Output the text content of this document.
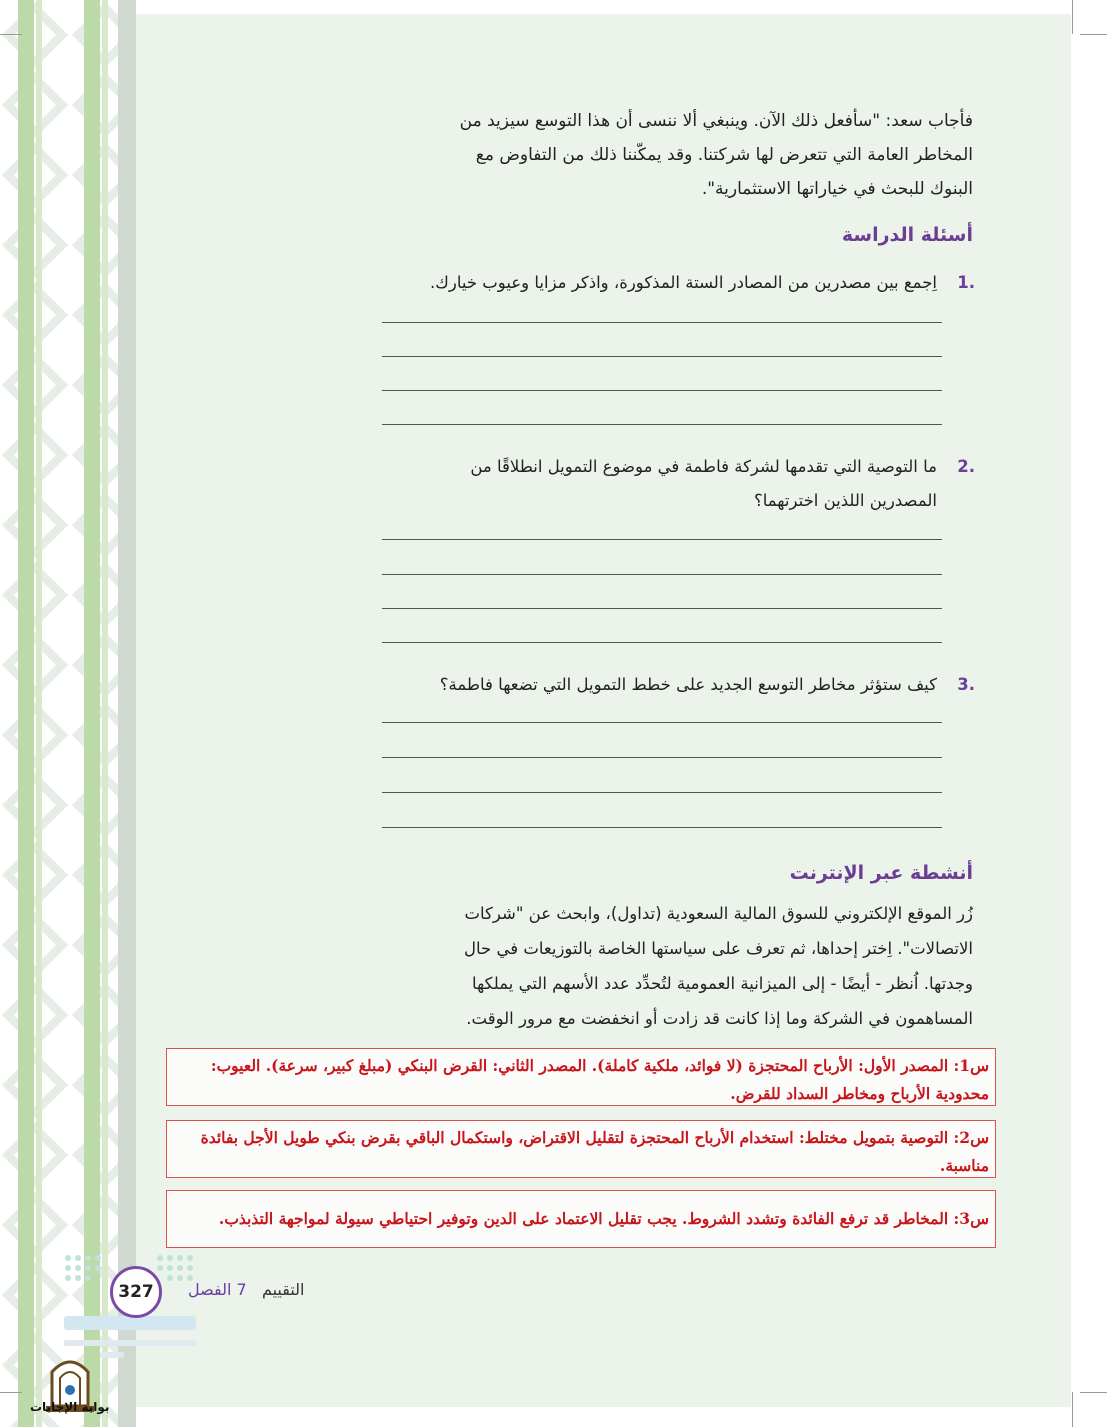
فأجاب سعد: "سأفعل ذلك الآن. وينبغي ألا ننسى أن هذا التوسع سيزيد من
المخاطر العامة التي تتعرض لها شركتنا. وقد يمكّننا ذلك من التفاوض مع
البنوك للبحث في خياراتها الاستثمارية".
أسئلة الدراسة
.1
اِجمع بين مصدرين من المصادر الستة المذكورة، واذكر مزايا وعيوب خيارك.
.2
ما التوصية التي تقدمها لشركة فاطمة في موضوع التمويل انطلاقًا من
المصدرين اللذين اخترتهما؟
.3
كيف ستؤثر مخاطر التوسع الجديد على خطط التمويل التي تضعها فاطمة؟
أنشطة عبر الإنترنت
زُر الموقع الإلكتروني للسوق المالية السعودية (تداول)، وابحث عن "شركات
الاتصالات". اِختر إحداها، ثم تعرف على سياستها الخاصة بالتوزيعات في حال
وجدتها. اُنظر - أيضًا - إلى الميزانية العمومية لتُحدِّد عدد الأسهم التي يملكها
المساهمون في الشركة وما إذا كانت قد زادت أو انخفضت مع مرور الوقت.
س1: المصدر الأول: الأرباح المحتجزة (لا فوائد، ملكية كاملة). المصدر الثاني: القرض البنكي (مبلغ كبير، سرعة). العيوب:
محدودية الأرباح ومخاطر السداد للقرض.
س2: التوصية بتمويل مختلط: استخدام الأرباح المحتجزة لتقليل الاقتراض، واستكمال الباقي بقرض بنكي طويل الأجل بفائدة
مناسبة.
س3: المخاطر قد ترفع الفائدة وتشدد الشروط. يجب تقليل الاعتماد على الدين وتوفير احتياطي سيولة لمواجهة التذبذب.
327	التقييم   7 الفصل
بوابة الإجابات
